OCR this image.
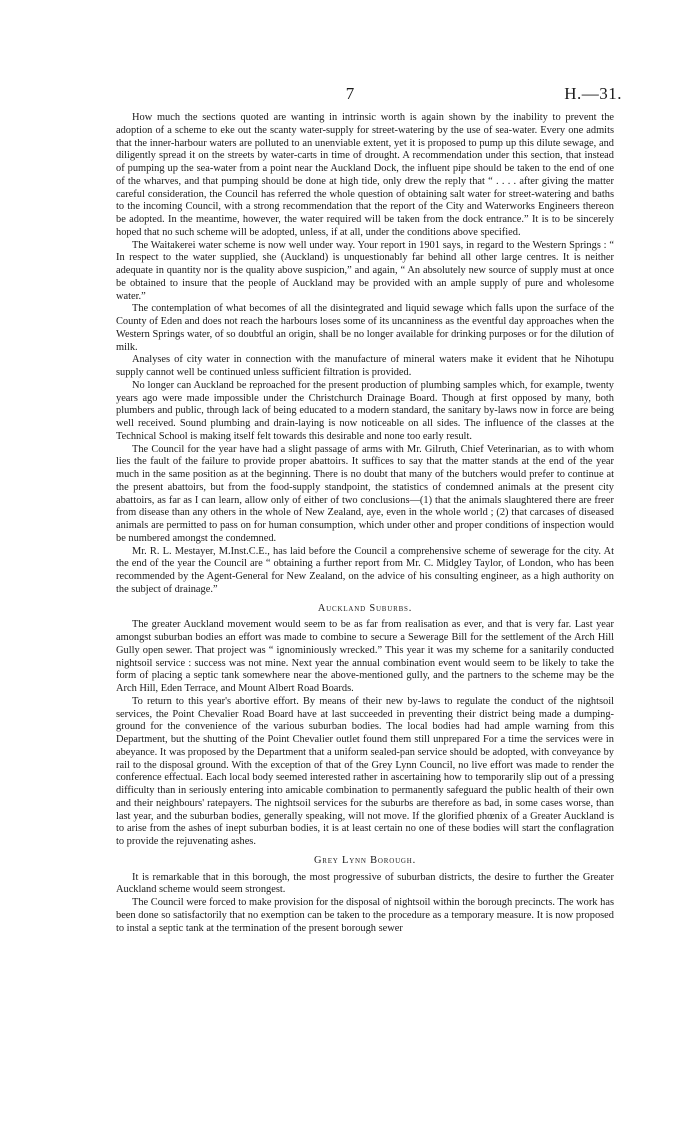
7	H.—31.

How much the sections quoted are wanting in intrinsic worth is again shown by the inability to prevent the adoption of a scheme to eke out the scanty water-supply for street-watering by the use of sea-water. Every one admits that the inner-harbour waters are polluted to an unenviable extent, yet it is proposed to pump up this dilute sewage, and diligently spread it on the streets by water-carts in time of drought. A recommendation under this section, that instead of pumping up the sea-water from a point near the Auckland Dock, the influent pipe should be taken to the end of one of the wharves, and that pumping should be done at high tide, only drew the reply that “ . . . . after giving the matter careful consideration, the Council has referred the whole question of obtaining salt water for street-watering and baths to the incoming Council, with a strong recommendation that the report of the City and Waterworks Engineers thereon be adopted. In the meantime, however, the water required will be taken from the dock entrance.” It is to be sincerely hoped that no such scheme will be adopted, unless, if at all, under the conditions above specified.

The Waitakerei water scheme is now well under way. Your report in 1901 says, in regard to the Western Springs : “ In respect to the water supplied, she (Auckland) is unquestionably far behind all other large centres. It is neither adequate in quantity nor is the quality above suspicion,” and again, “ An absolutely new source of supply must at once be obtained to insure that the people of Auckland may be provided with an ample supply of pure and wholesome water.”

The contemplation of what becomes of all the disintegrated and liquid sewage which falls upon the surface of the County of Eden and does not reach the harbours loses some of its uncanniness as the eventful day approaches when the Western Springs water, of so doubtful an origin, shall be no longer available for drinking purposes or for the dilution of milk.

Analyses of city water in connection with the manufacture of mineral waters make it evident that he Nihotupu supply cannot well be continued unless sufficient filtration is provided.

No longer can Auckland be reproached for the present production of plumbing samples which, for example, twenty years ago were made impossible under the Christchurch Drainage Board. Though at first opposed by many, both plumbers and public, through lack of being educated to a modern standard, the sanitary by-laws now in force are being well received. Sound plumbing and drain-laying is now noticeable on all sides. The influence of the classes at the Technical School is making itself felt towards this desirable and none too early result.

The Council for the year have had a slight passage of arms with Mr. Gilruth, Chief Veterinarian, as to with whom lies the fault of the failure to provide proper abattoirs. It suffices to say that the matter stands at the end of the year much in the same position as at the beginning. There is no doubt that many of the butchers would prefer to continue at the present abattoirs, but from the food-supply standpoint, the statistics of condemned animals at the present city abattoirs, as far as I can learn, allow only of either of two conclusions—(1) that the animals slaughtered there are freer from disease than any others in the whole of New Zealand, aye, even in the whole world ; (2) that carcases of diseased animals are permitted to pass on for human consumption, which under other and proper conditions of inspection would be numbered amongst the condemned.

Mr. R. L. Mestayer, M.Inst.C.E., has laid before the Council a comprehensive scheme of sewerage for the city. At the end of the year the Council are “ obtaining a further report from Mr. C. Midgley Taylor, of London, who has been recommended by the Agent-General for New Zealand, on the advice of his consulting engineer, as a high authority on the subject of drainage.”

Auckland Suburbs.

The greater Auckland movement would seem to be as far from realisation as ever, and that is very far. Last year amongst suburban bodies an effort was made to combine to secure a Sewerage Bill for the settlement of the Arch Hill Gully open sewer. That project was “ ignominiously wrecked.” This year it was my scheme for a sanitarily conducted nightsoil service : success was not mine. Next year the annual combination event would seem to be likely to take the form of placing a septic tank somewhere near the above-mentioned gully, and the partners to the scheme may be the Arch Hill, Eden Terrace, and Mount Albert Road Boards.

To return to this year's abortive effort. By means of their new by-laws to regulate the conduct of the nightsoil services, the Point Chevalier Road Board have at last succeeded in preventing their district being made a dumping-ground for the convenience of the various suburban bodies. The local bodies had had ample warning from this Department, but the shutting of the Point Chevalier outlet found them still unprepared For a time the services were in abeyance. It was proposed by the Department that a uniform sealed-pan service should be adopted, with conveyance by rail to the disposal ground. With the exception of that of the Grey Lynn Council, no live effort was made to render the conference effectual. Each local body seemed interested rather in ascertaining how to temporarily slip out of a pressing difficulty than in seriously entering into amicable combination to permanently safeguard the public health of their own and their neighbours' ratepayers. The nightsoil services for the suburbs are therefore as bad, in some cases worse, than last year, and the suburban bodies, generally speaking, will not move. If the glorified phœnix of a Greater Auckland is to arise from the ashes of inept suburban bodies, it is at least certain no one of these bodies will start the conflagration to provide the rejuvenating ashes.

Grey Lynn Borough.

It is remarkable that in this borough, the most progressive of suburban districts, the desire to further the Greater Auckland scheme would seem strongest.

The Council were forced to make provision for the disposal of nightsoil within the borough precincts. The work has been done so satisfactorily that no exemption can be taken to the procedure as a temporary measure. It is now proposed to instal a septic tank at the termination of the present borough sewer
